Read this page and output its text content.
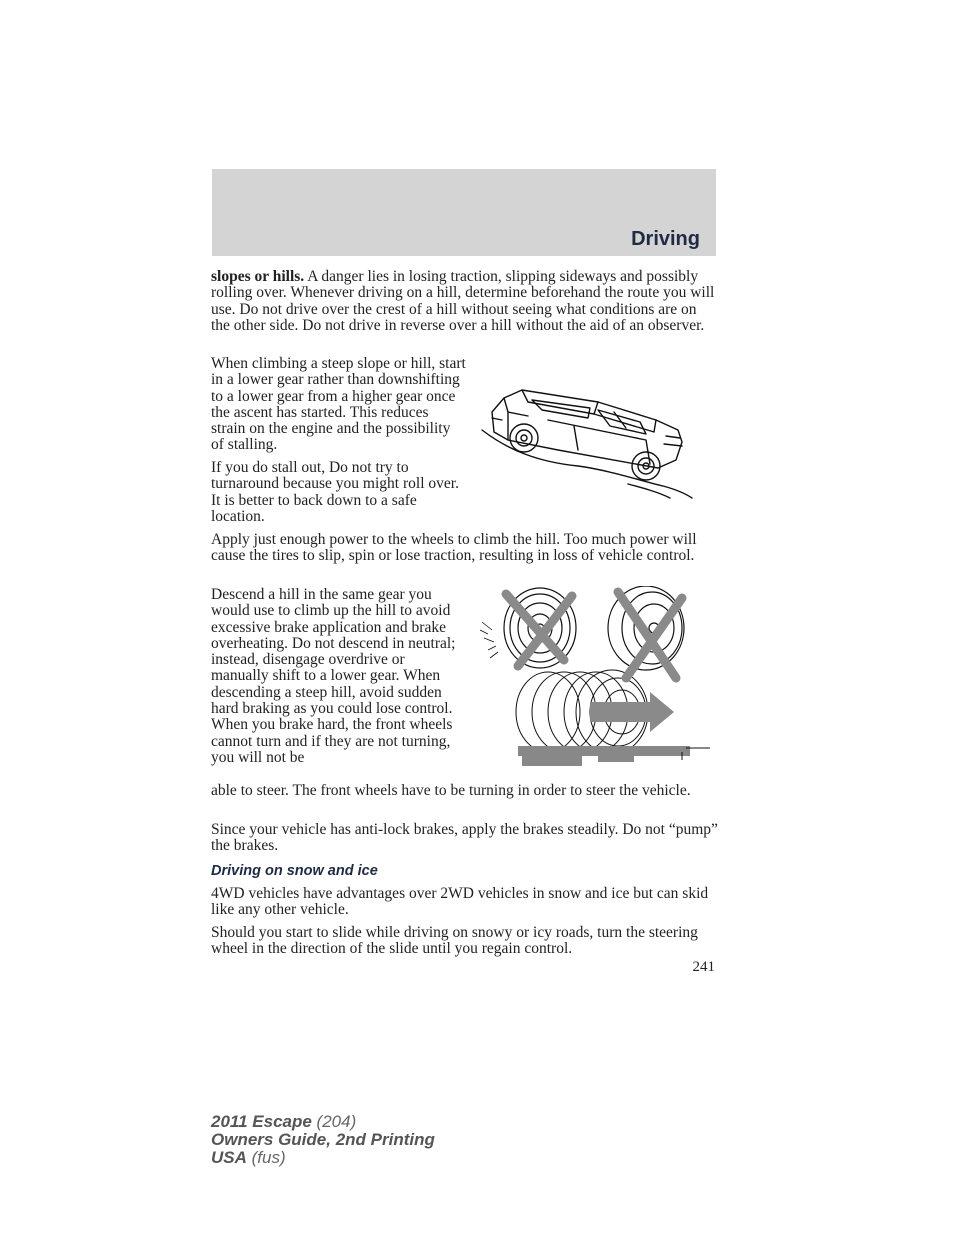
Driving

slopes or hills. A danger lies in losing traction, slipping sideways and possibly rolling over. Whenever driving on a hill, determine beforehand the route you will use. Do not drive over the crest of a hill without seeing what conditions are on the other side. Do not drive in reverse over a hill without the aid of an observer.

When climbing a steep slope or hill, start in a lower gear rather than downshifting to a lower gear from a higher gear once the ascent has started. This reduces strain on the engine and the possibility of stalling.

If you do stall out, Do not try to turnaround because you might roll over. It is better to back down to a safe location.

Apply just enough power to the wheels to climb the hill. Too much power will cause the tires to slip, spin or lose traction, resulting in loss of vehicle control.

Descend a hill in the same gear you would use to climb up the hill to avoid excessive brake application and brake overheating. Do not descend in neutral; instead, disengage overdrive or manually shift to a lower gear. When descending a steep hill, avoid sudden hard braking as you could lose control. When you brake hard, the front wheels cannot turn and if they are not turning, you will not be

able to steer. The front wheels have to be turning in order to steer the vehicle.

Since your vehicle has anti-lock brakes, apply the brakes steadily. Do not “pump” the brakes.

Driving on snow and ice

4WD vehicles have advantages over 2WD vehicles in snow and ice but can skid like any other vehicle.

Should you start to slide while driving on snowy or icy roads, turn the steering wheel in the direction of the slide until you regain control.

241
2011 Escape (204)
Owners Guide, 2nd Printing
USA (fus)
